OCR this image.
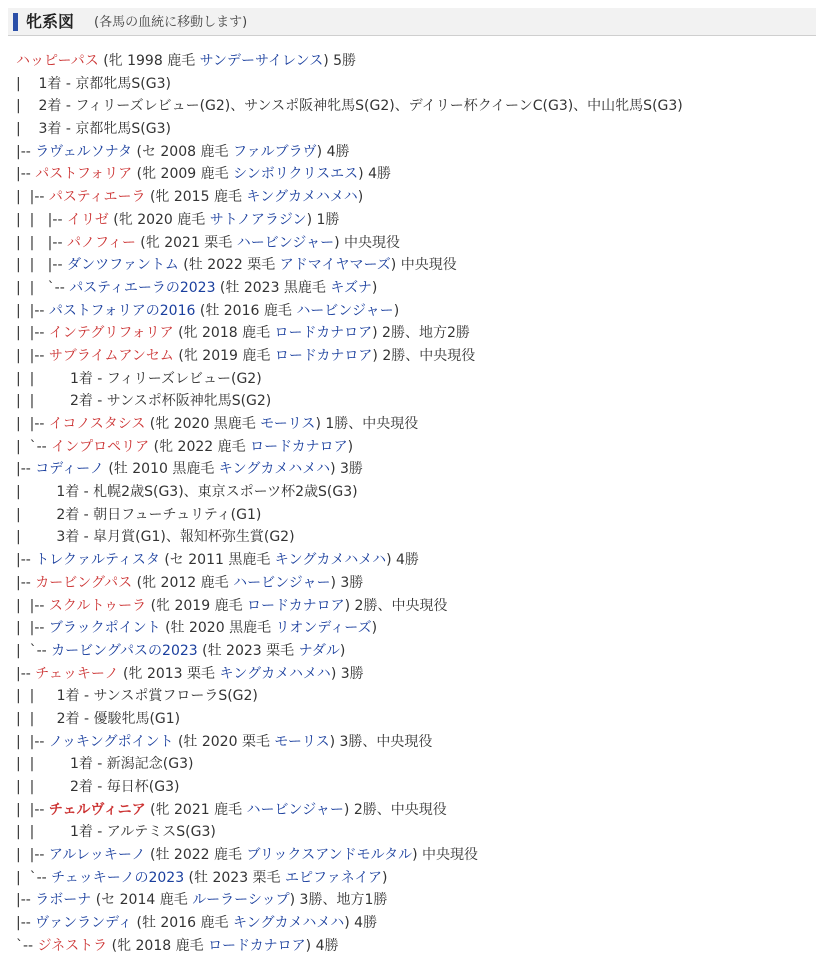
牝系図 (各馬の血統に移動します)
ハッピーパス (牝 1998 鹿毛 サンデーサイレンス) 5勝
|    1着 - 京都牝馬S(G3)
|    2着 - フィリーズレビュー(G2)、サンスポ阪神牝馬S(G2)、デイリー杯クイーンC(G3)、中山牝馬S(G3)
|    3着 - 京都牝馬S(G3)
|-- ラヴェルソナタ (セ 2008 鹿毛 ファルブラヴ) 4勝
|-- パストフォリア (牝 2009 鹿毛 シンボリクリスエス) 4勝
|  |-- パスティエーラ (牝 2015 鹿毛 キングカメハメハ)
|  |   |-- イリゼ (牝 2020 鹿毛 サトノアラジン) 1勝
|  |   |-- パノフィー (牝 2021 栗毛 ハービンジャー) 中央現役
|  |   |-- ダンツファントム (牡 2022 栗毛 アドマイヤマーズ) 中央現役
|  |   `-- パスティエーラの2023 (牡 2023 黒鹿毛 キズナ)
|  |-- パストフォリアの2016 (牡 2016 鹿毛 ハービンジャー)
|  |-- インテグリフォリア (牝 2018 鹿毛 ロードカナロア) 2勝、地方2勝
|  |-- サブライムアンセム (牝 2019 鹿毛 ロードカナロア) 2勝、中央現役
|  |        1着 - フィリーズレビュー(G2)
|  |        2着 - サンスポ杯阪神牝馬S(G2)
|  |-- イコノスタシス (牝 2020 黒鹿毛 モーリス) 1勝、中央現役
|  `-- インプロペリア (牝 2022 鹿毛 ロードカナロア)
|-- コディーノ (牡 2010 黒鹿毛 キングカメハメハ) 3勝
|        1着 - 札幌2歳S(G3)、東京スポーツ杯2歳S(G3)
|        2着 - 朝日フューチュリティ(G1)
|        3着 - 皐月賞(G1)、報知杯弥生賞(G2)
|-- トレクァルティスタ (セ 2011 黒鹿毛 キングカメハメハ) 4勝
|-- カービングパス (牝 2012 鹿毛 ハービンジャー) 3勝
|  |-- スクルトゥーラ (牝 2019 鹿毛 ロードカナロア) 2勝、中央現役
|  |-- ブラックポイント (牡 2020 黒鹿毛 リオンディーズ)
|  `-- カービングパスの2023 (牡 2023 栗毛 ナダル)
|-- チェッキーノ (牝 2013 栗毛 キングカメハメハ) 3勝
|  |     1着 - サンスポ賞フローラS(G2)
|  |     2着 - 優駿牝馬(G1)
|  |-- ノッキングポイント (牡 2020 栗毛 モーリス) 3勝、中央現役
|  |        1着 - 新潟記念(G3)
|  |        2着 - 毎日杯(G3)
|  |-- チェルヴィニア (牝 2021 鹿毛 ハービンジャー) 2勝、中央現役
|  |        1着 - アルテミスS(G3)
|  |-- アルレッキーノ (牡 2022 鹿毛 ブリックスアンドモルタル) 中央現役
|  `-- チェッキーノの2023 (牡 2023 栗毛 エピファネイア)
|-- ラボーナ (セ 2014 鹿毛 ルーラーシップ) 3勝、地方1勝
|-- ヴァンランディ (牡 2016 鹿毛 キングカメハメハ) 4勝
`-- ジネストラ (牝 2018 鹿毛 ロードカナロア) 4勝
